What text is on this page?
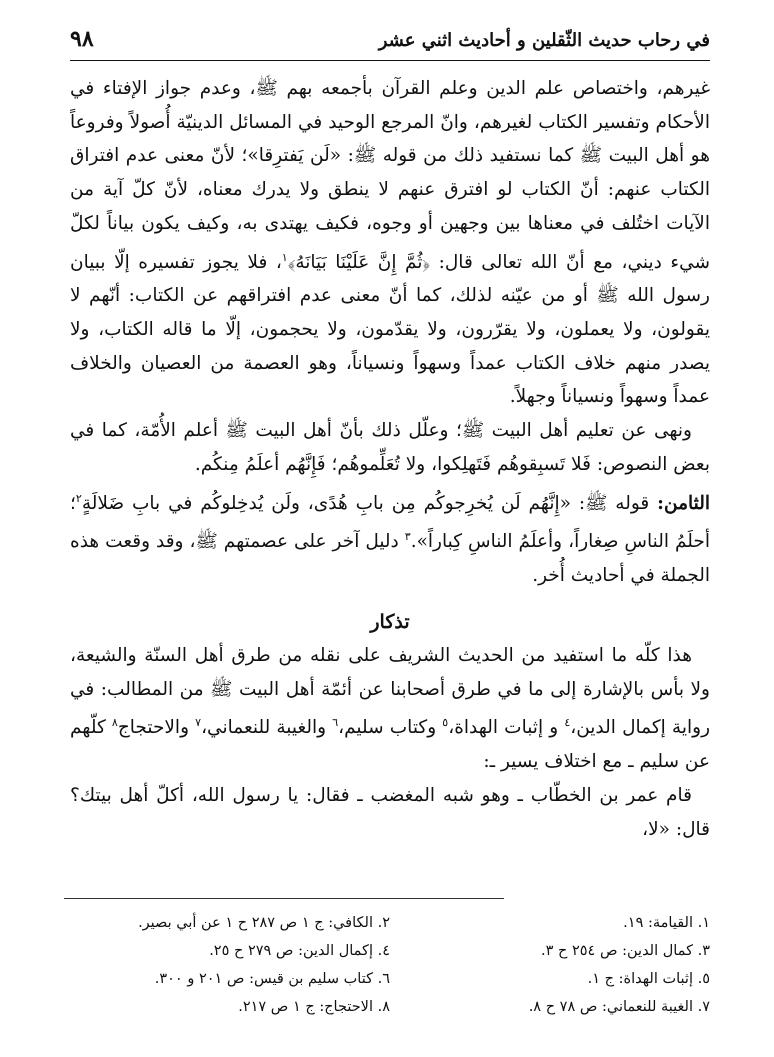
في رحاب حديث الثّقلين و أحاديث اثني عشر
٩٨

غيرهم، واختصاص علم الدين وعلم القرآن بأجمعه بهم ﷺ، وعدم جواز الإفتاء في الأحكام وتفسير الكتاب لغيرهم، وانّ المرجع الوحيد في المسائل الدينيّة أُصولاً وفروعاً هو أهل البيت ﷺ كما نستفيد ذلك من قوله ﷺ: «لَن يَفترِقا»؛ لأنّ معنى عدم افتراق الكتاب عنهم: أنّ الكتاب لو افترق عنهم لا ينطق ولا يدرك معناه، لأنّ كلّ آية من الآيات اختُلف في معناها بين وجهين أو وجوه، فكيف يهتدى به، وكيف يكون بياناً لكلّ شيء ديني، مع أنّ الله تعالى قال: ﴿ثُمَّ إِنَّ عَلَيْنَا بَيَانَهُ﴾$^١$، فلا يجوز تفسيره إلّا ببيان رسول الله ﷺ أو من عيّنه لذلك، كما أنّ معنى عدم افتراقهم عن الكتاب: أنّهم لا يقولون، ولا يعملون، ولا يقرّرون، ولا يقدّمون، ولا يحجمون، إلّا ما قاله الكتاب، ولا يصدر منهم خلاف الكتاب عمداً وسهواً ونسياناً، وهو العصمة من العصيان والخلاف عمداً وسهواً ونسياناً وجهلاً.

ونهى عن تعليم أهل البيت ﷺ؛ وعلّل ذلك بأنّ أهل البيت ﷺ أعلم الأُمّة، كما في بعض النصوص: فَلا تَسبِقوهُم فَتَهلِكوا، ولا تُعَلِّموهُم؛ فَإِنَّهُم أعلَمُ مِنكُم.

الثامن: قوله ﷺ: «إِنَّهُم لَن يُخرِجوكُم مِن بابِ هُدًى، ولَن يُدخِلوكُم في بابِ ضَلالَةٍ$^٢$؛ أحلَمُ الناسِ صِغاراً، وأعلَمُ الناسِ كِباراً».$^٣$ دليل آخر على عصمتهم ﷺ، وقد وقعت هذه الجملة في أحاديث أُخر.

تذكار

هذا كلّه ما استفيد من الحديث الشريف على نقله من طرق أهل السنّة والشيعة، ولا بأس بالإشارة إلى ما في طرق أصحابنا عن أئمّة أهل البيت ﷺ من المطالب: في رواية إكمال الدين،$^٤$ و إثبات الهداة،$^٥$ وكتاب سليم،$^٦$ والغيبة للنعماني،$^٧$ والاحتجاج$^٨$ كلّهم عن سليم ـ مع اختلاف يسير ـ:

قام عمر بن الخطّاب ـ وهو شبه المغضب ـ فقال: يا رسول الله، أكلّ أهل بيتك؟ قال: «لا،

١. القيامة: ١٩.
٢. الكافي: ج ١ ص ٢٨٧ ح ١ عن أبي بصير.
٣. كمال الدين: ص ٢٥٤ ح ٣.
٤. إكمال الدين: ص ٢٧٩ ح ٢٥.
٥. إثبات الهداة: ج ١.
٦. كتاب سليم بن قيس: ص ٢٠١ و ٣٠٠.
٧. الغيبة للنعماني: ص ٧٨ ح ٨.
٨. الاحتجاج: ج ١ ص ٢١٧.
